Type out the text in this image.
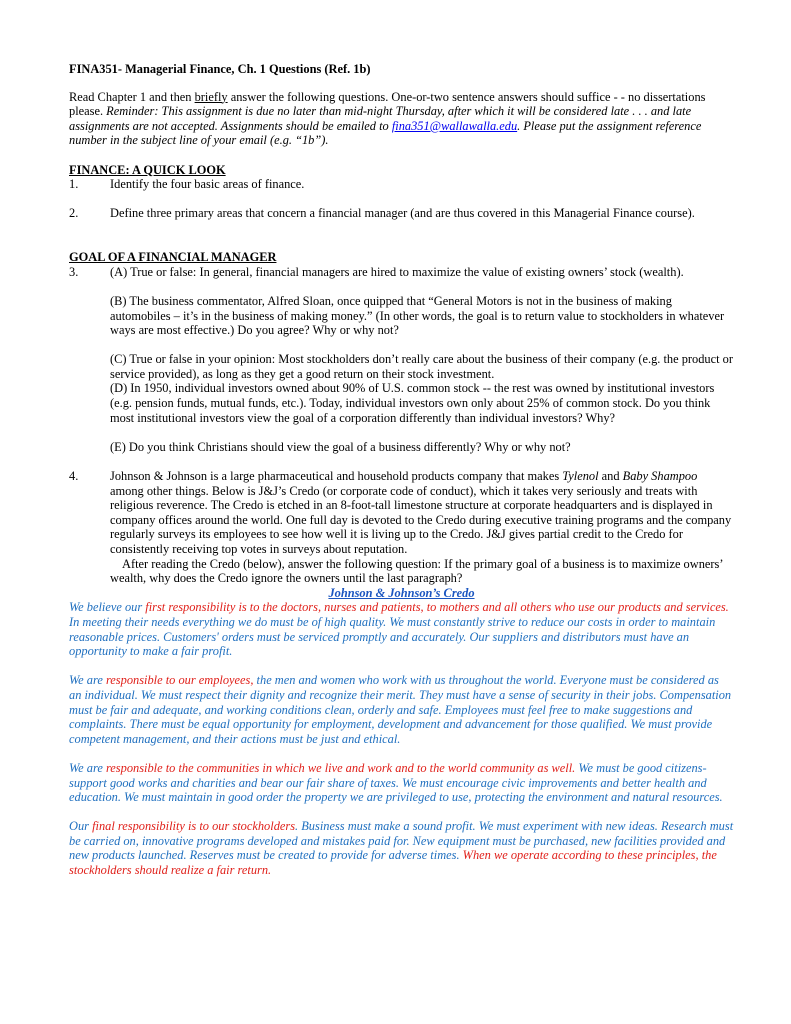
FINA351- Managerial Finance, Ch. 1 Questions (Ref. 1b)

Read Chapter 1 and then briefly answer the following questions. One-or-two sentence answers should suffice - - no dissertations please. Reminder: This assignment is due no later than mid-night Thursday, after which it will be considered late . . . and late assignments are not accepted. Assignments should be emailed to fina351@wallawalla.edu. Please put the assignment reference number in the subject line of your email (e.g. “1b”).

FINANCE: A QUICK LOOK

1.	Identify the four basic areas of finance.
2.	Define three primary areas that concern a financial manager (and are thus covered in this Managerial Finance course).

GOAL OF A FINANCIAL MANAGER

3.	(A) True or false: In general, financial managers are hired to maximize the value of existing owners’ stock (wealth).

(B) The business commentator, Alfred Sloan, once quipped that “General Motors is not in the business of making automobiles – it’s in the business of making money.” (In other words, the goal is to return value to stockholders in whatever ways are most effective.) Do you agree? Why or why not?

(C) True or false in your opinion: Most stockholders don’t really care about the business of their company (e.g. the product or service provided), as long as they get a good return on their stock investment.

(D) In 1950, individual investors owned about 90% of U.S. common stock -- the rest was owned by institutional investors (e.g. pension funds, mutual funds, etc.). Today, individual investors own only about 25% of common stock. Do you think most institutional investors view the goal of a corporation differently than individual investors? Why?

(E) Do you think Christians should view the goal of a business differently? Why or why not?

4.	Johnson & Johnson is a large pharmaceutical and household products company that makes Tylenol and Baby Shampoo among other things. Below is J&J’s Credo (or corporate code of conduct), which it takes very seriously and treats with religious reverence. The Credo is etched in an 8-foot-tall limestone structure at corporate headquarters and is displayed in company offices around the world. One full day is devoted to the Credo during executive training programs and the company regularly surveys its employees to see how well it is living up to the Credo. J&J gives partial credit to the Credo for consistently receiving top votes in surveys about reputation.

After reading the Credo (below), answer the following question: If the primary goal of a business is to maximize owners’ wealth, why does the Credo ignore the owners until the last paragraph?

Johnson & Johnson’s Credo

We believe our first responsibility is to the doctors, nurses and patients, to mothers and all others who use our products and services. In meeting their needs everything we do must be of high quality. We must constantly strive to reduce our costs in order to maintain reasonable prices. Customers' orders must be serviced promptly and accurately. Our suppliers and distributors must have an opportunity to make a fair profit.

We are responsible to our employees, the men and women who work with us throughout the world. Everyone must be considered as an individual. We must respect their dignity and recognize their merit. They must have a sense of security in their jobs. Compensation must be fair and adequate, and working conditions clean, orderly and safe. Employees must feel free to make suggestions and complaints. There must be equal opportunity for employment, development and advancement for those qualified. We must provide competent management, and their actions must be just and ethical.

We are responsible to the communities in which we live and work and to the world community as well. We must be good citizens-support good works and charities and bear our fair share of taxes. We must encourage civic improvements and better health and education. We must maintain in good order the property we are privileged to use, protecting the environment and natural resources.

Our final responsibility is to our stockholders. Business must make a sound profit. We must experiment with new ideas. Research must be carried on, innovative programs developed and mistakes paid for. New equipment must be purchased, new facilities provided and new products launched. Reserves must be created to provide for adverse times. When we operate according to these principles, the stockholders should realize a fair return.
